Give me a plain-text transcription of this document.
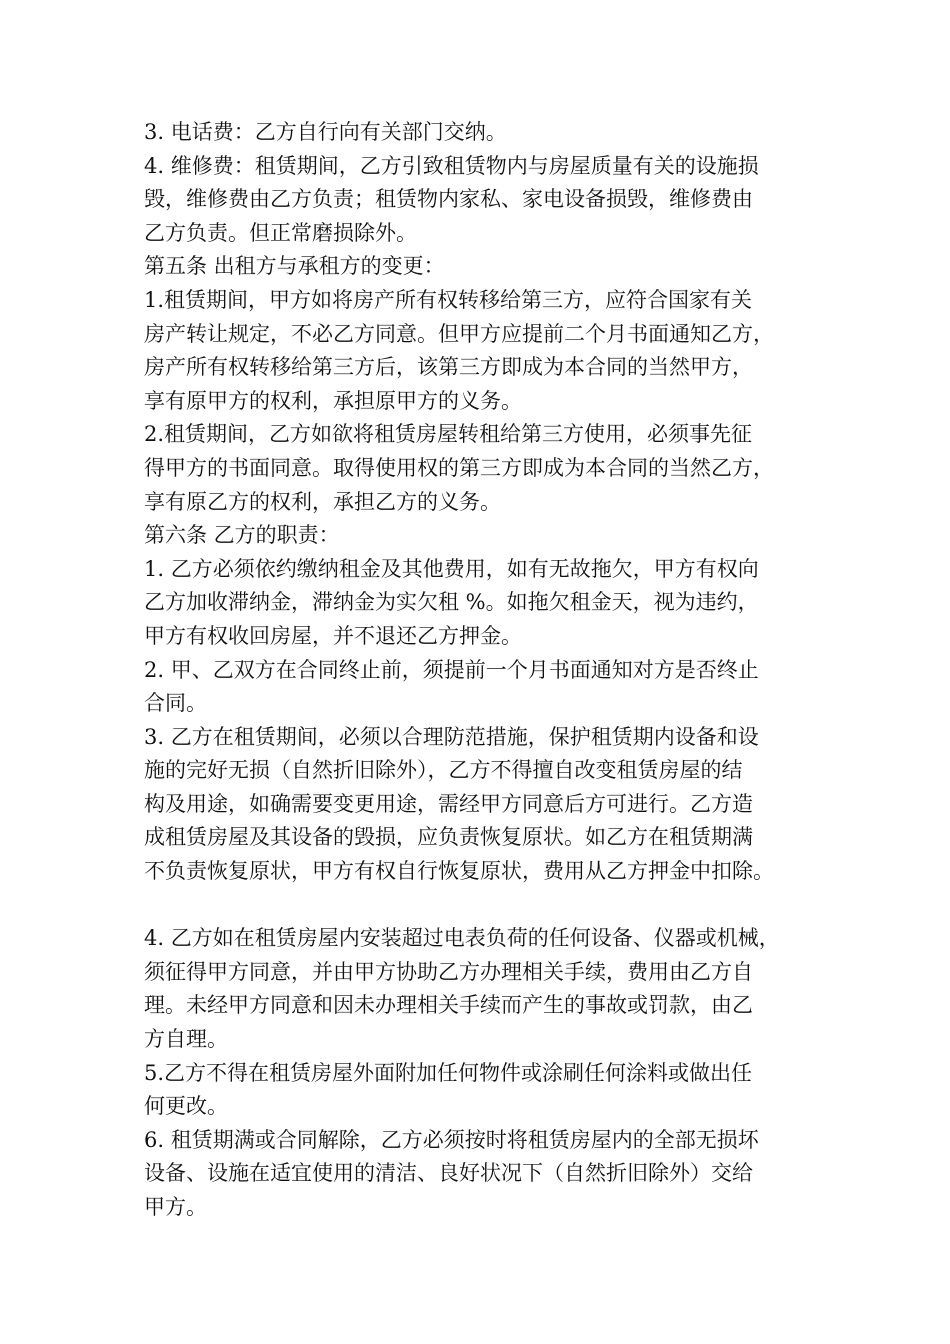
3. 电话费：乙方自行向有关部门交纳。

4. 维修费：租赁期间，乙方引致租赁物内与房屋质量有关的设施损

毁，维修费由乙方负责；租赁物内家私、家电设备损毁，维修费由

乙方负责。但正常磨损除外。

第五条 出租方与承租方的变更：

1.租赁期间，甲方如将房产所有权转移给第三方，应符合国家有关

房产转让规定，不必乙方同意。但甲方应提前二个月书面通知乙方，

房产所有权转移给第三方后，该第三方即成为本合同的当然甲方，

享有原甲方的权利，承担原甲方的义务。

2.租赁期间，乙方如欲将租赁房屋转租给第三方使用，必须事先征

得甲方的书面同意。取得使用权的第三方即成为本合同的当然乙方，

享有原乙方的权利，承担乙方的义务。

第六条 乙方的职责：

1. 乙方必须依约缴纳租金及其他费用，如有无故拖欠，甲方有权向

乙方加收滞纳金，滞纳金为实欠租 %。如拖欠租金天，视为违约，

甲方有权收回房屋，并不退还乙方押金。

2. 甲、乙双方在合同终止前，须提前一个月书面通知对方是否终止

合同。

3. 乙方在租赁期间，必须以合理防范措施，保护租赁期内设备和设

施的完好无损（自然折旧除外），乙方不得擅自改变租赁房屋的结

构及用途，如确需要变更用途，需经甲方同意后方可进行。乙方造

成租赁房屋及其设备的毁损，应负责恢复原状。如乙方在租赁期满

不负责恢复原状，甲方有权自行恢复原状，费用从乙方押金中扣除。

4. 乙方如在租赁房屋内安装超过电表负荷的任何设备、仪器或机械，

须征得甲方同意，并由甲方协助乙方办理相关手续，费用由乙方自

理。未经甲方同意和因未办理相关手续而产生的事故或罚款，由乙

方自理。

5.乙方不得在租赁房屋外面附加任何物件或涂刷任何涂料或做出任

何更改。

6. 租赁期满或合同解除，乙方必须按时将租赁房屋内的全部无损坏

设备、设施在适宜使用的清洁、良好状况下（自然折旧除外）交给

甲方。
